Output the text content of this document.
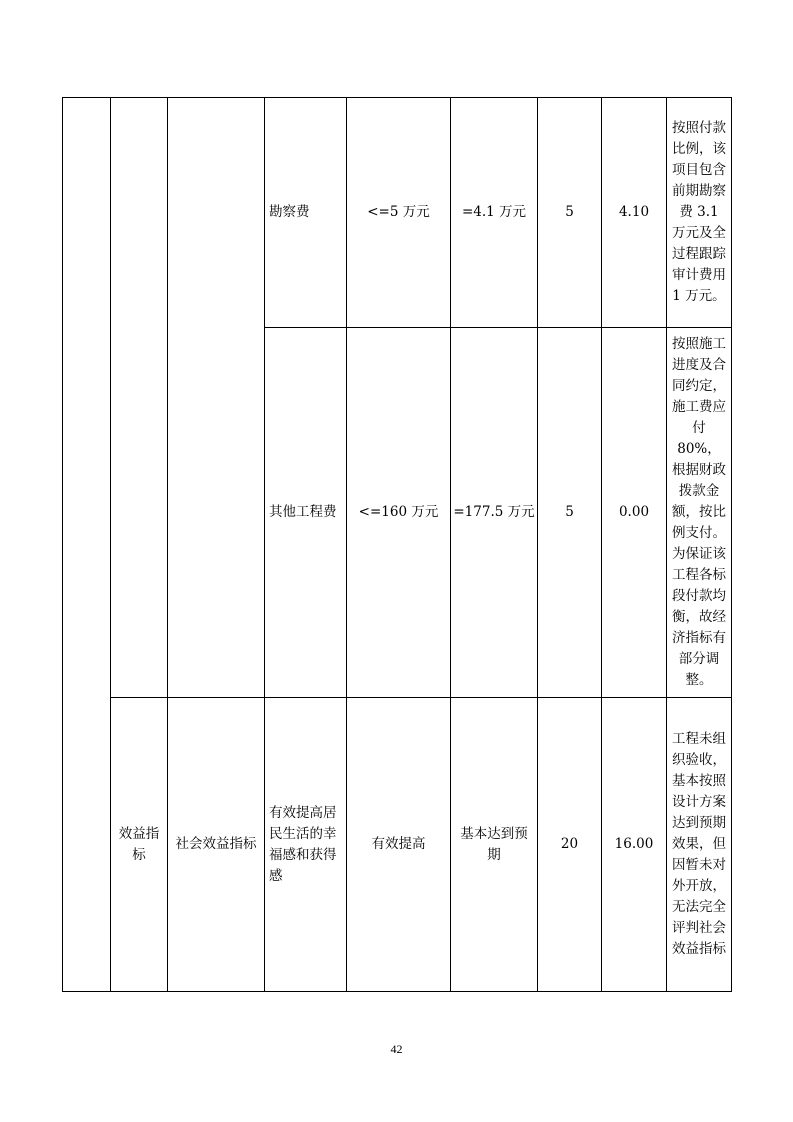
			勘察费	<=5 万元	=4.1 万元	5	4.10	按照付款比例，该项目包含前期勘察费 3.1 万元及全过程跟踪审计费用 1 万元。
			其他工程费	<=160 万元	=177.5 万元	5	0.00	按照施工进度及合同约定，施工费应付 80%，根据财政拨款金额，按比例支付。为保证该工程各标段付款均衡，故经济指标有部分调整。
	效益指标	社会效益指标	有效提高居民生活的幸福感和获得感	有效提高	基本达到预期	20	16.00	工程未组织验收，基本按照设计方案达到预期效果，但因暂未对外开放，无法完全评判社会效益指标
42
